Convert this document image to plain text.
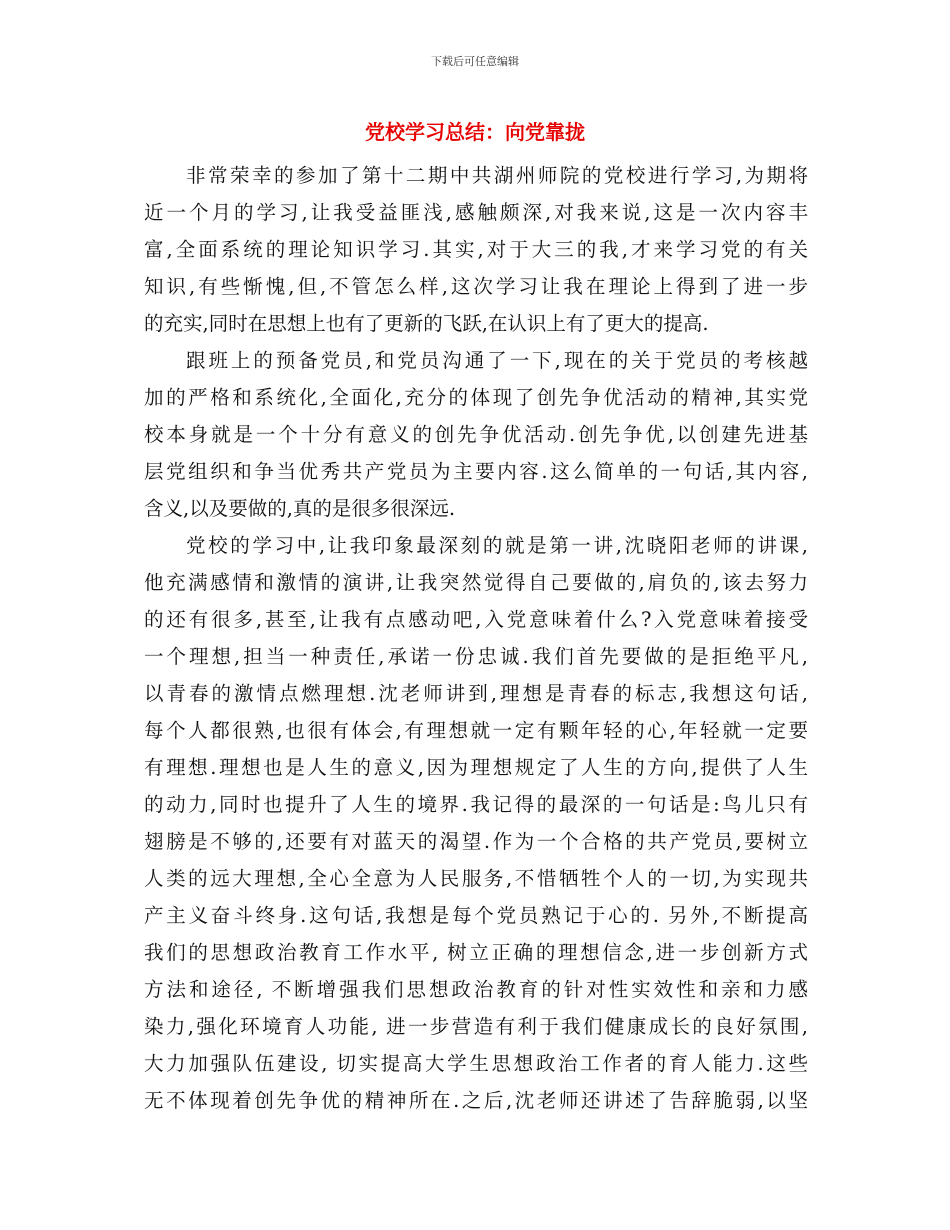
下载后可任意编辑
党校学习总结：向党靠拢
非常荣幸的参加了第十二期中共湖州师院的党校进行学习,为期将
近一个月的学习,让我受益匪浅,感触颇深,对我来说,这是一次内容丰
富,全面系统的理论知识学习.其实,对于大三的我,才来学习党的有关
知识,有些惭愧,但,不管怎么样,这次学习让我在理论上得到了进一步
的充实,同时在思想上也有了更新的飞跃,在认识上有了更大的提高.
跟班上的预备党员,和党员沟通了一下,现在的关于党员的考核越
加的严格和系统化,全面化,充分的体现了创先争优活动的精神,其实党
校本身就是一个十分有意义的创先争优活动.创先争优,以创建先进基
层党组织和争当优秀共产党员为主要内容.这么简单的一句话,其内容,
含义,以及要做的,真的是很多很深远.
党校的学习中,让我印象最深刻的就是第一讲,沈晓阳老师的讲课,
他充满感情和激情的演讲,让我突然觉得自己要做的,肩负的,该去努力
的还有很多,甚至,让我有点感动吧,入党意味着什么?入党意味着接受
一个理想,担当一种责任,承诺一份忠诚.我们首先要做的是拒绝平凡,
以青春的激情点燃理想.沈老师讲到,理想是青春的标志,我想这句话,
每个人都很熟,也很有体会,有理想就一定有颗年轻的心,年轻就一定要
有理想.理想也是人生的意义,因为理想规定了人生的方向,提供了人生
的动力,同时也提升了人生的境界.我记得的最深的一句话是:鸟儿只有
翅膀是不够的,还要有对蓝天的渴望.作为一个合格的共产党员,要树立
人类的远大理想,全心全意为人民服务,不惜牺牲个人的一切,为实现共
产主义奋斗终身.这句话,我想是每个党员熟记于心的. 另外,不断提高
我们的思想政治教育工作水平, 树立正确的理想信念,进一步创新方式
方法和途径, 不断增强我们思想政治教育的针对性实效性和亲和力感
染力,强化环境育人功能, 进一步营造有利于我们健康成长的良好氛围,
大力加强队伍建设, 切实提高大学生思想政治工作者的育人能力.这些
无不体现着创先争优的精神所在.之后,沈老师还讲述了告辞脆弱,以坚
